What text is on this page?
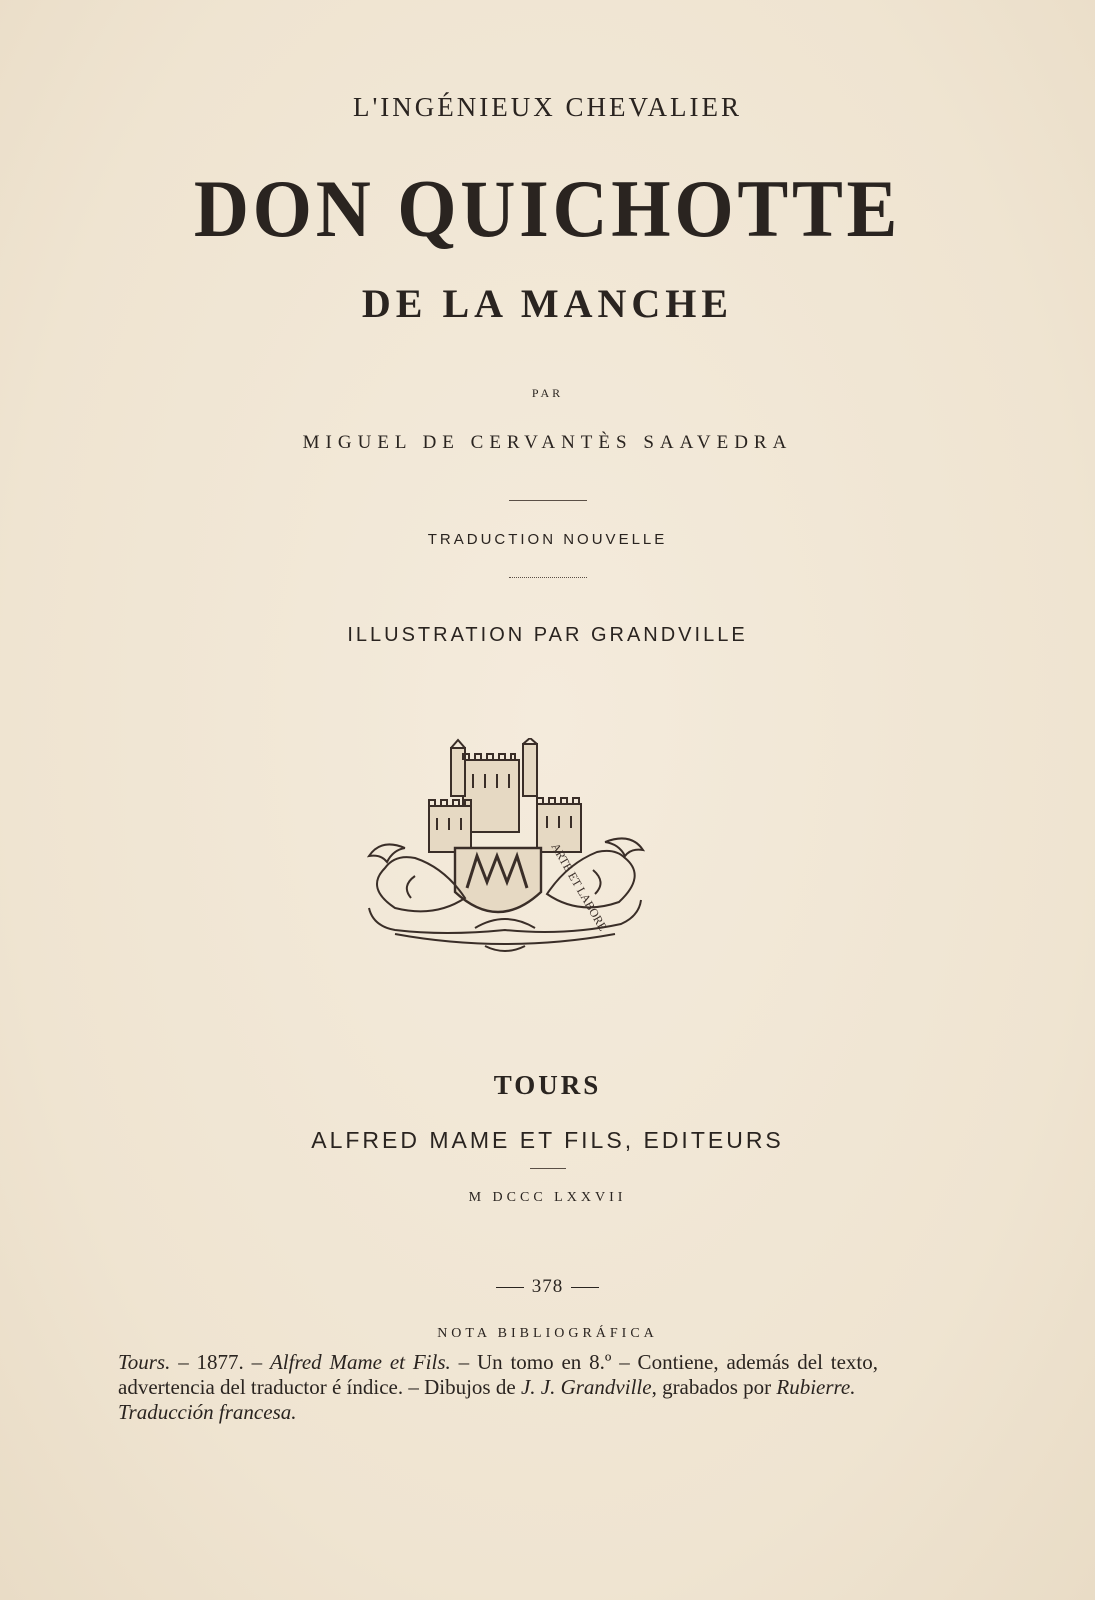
L'INGÉNIEUX CHEVALIER
DON QUICHOTTE
DE LA MANCHE
PAR
MIGUEL DE CERVANTÈS SAAVEDRA
TRADUCTION NOUVELLE
ILLUSTRATION PAR GRANDVILLE
ARTE ET LABORE
TOURS
ALFRED MAME ET FILS, EDITEURS
M DCCC LXXVII
378
NOTA BIBLIOGRÁFICA

Tours. – 1877. – Alfred Mame et Fils. – Un tomo en 8.º – Contiene, además del texto, advertencia del traductor é índice. – Dibujos de J. J. Grandville, grabados por Rubierre.

Traducción francesa.
